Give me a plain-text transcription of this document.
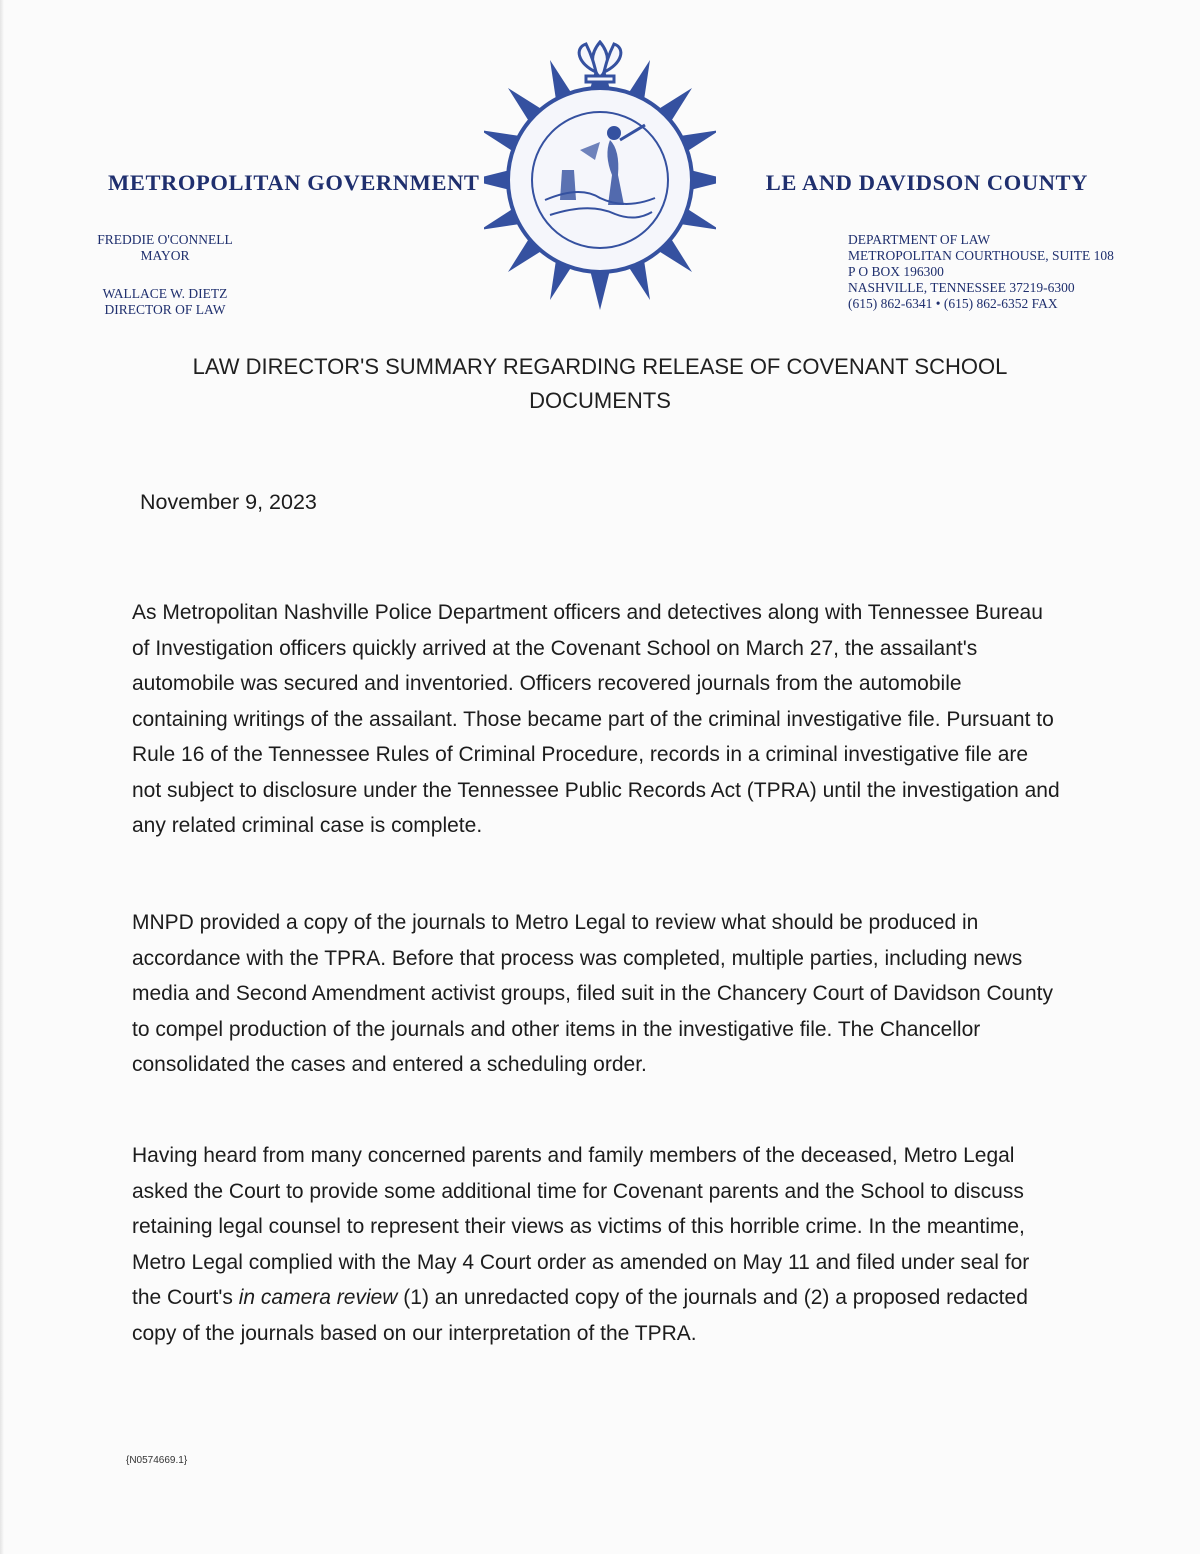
METROPOLITAN GOVERNMENT	LE AND DAVIDSON COUNTY
FREDDIE O'CONNELL
MAYOR
WALLACE W. DIETZ
DIRECTOR OF LAW
DEPARTMENT OF LAW
METROPOLITAN COURTHOUSE, SUITE 108
P O BOX 196300
NASHVILLE, TENNESSEE 37219-6300
(615) 862-6341 • (615) 862-6352 FAX
LAW DIRECTOR'S SUMMARY REGARDING RELEASE OF COVENANT SCHOOL
DOCUMENTS
November 9, 2023
As Metropolitan Nashville Police Department officers and detectives along with Tennessee Bureau of Investigation officers quickly arrived at the Covenant School on March 27, the assailant's automobile was secured and inventoried. Officers recovered journals from the automobile containing writings of the assailant. Those became part of the criminal investigative file. Pursuant to Rule 16 of the Tennessee Rules of Criminal Procedure, records in a criminal investigative file are not subject to disclosure under the Tennessee Public Records Act (TPRA) until the investigation and any related criminal case is complete.
MNPD provided a copy of the journals to Metro Legal to review what should be produced in accordance with the TPRA. Before that process was completed, multiple parties, including news media and Second Amendment activist groups, filed suit in the Chancery Court of Davidson County to compel production of the journals and other items in the investigative file. The Chancellor consolidated the cases and entered a scheduling order.
Having heard from many concerned parents and family members of the deceased, Metro Legal asked the Court to provide some additional time for Covenant parents and the School to discuss retaining legal counsel to represent their views as victims of this horrible crime. In the meantime, Metro Legal complied with the May 4 Court order as amended on May 11 and filed under seal for the Court's in camera review (1) an unredacted copy of the journals and (2) a proposed redacted copy of the journals based on our interpretation of the TPRA.
{N0574669.1}
